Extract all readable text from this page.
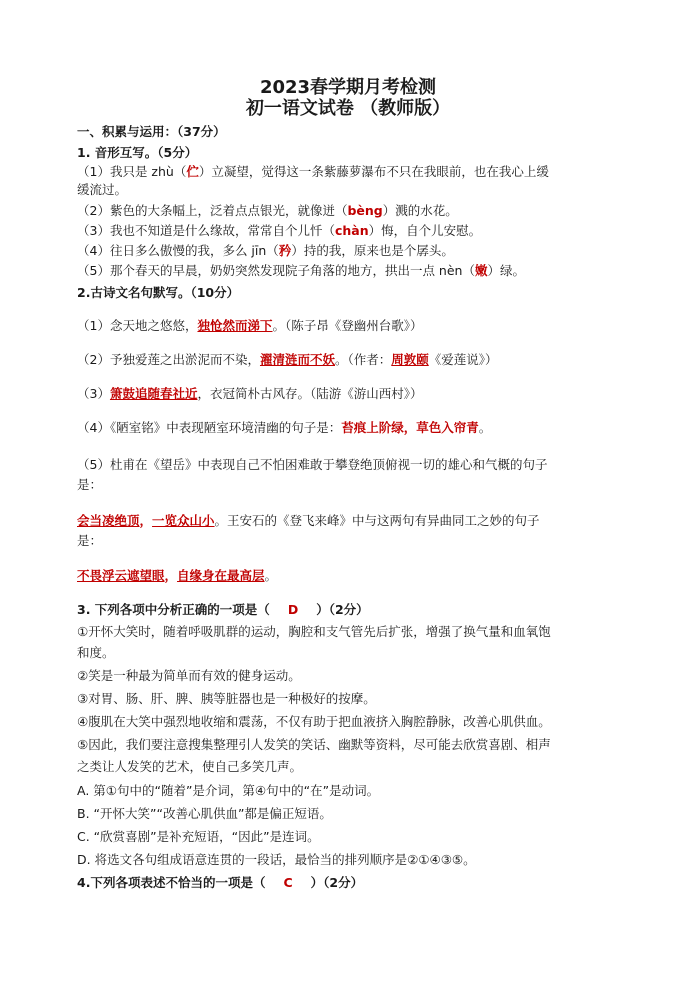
2023春学期月考检测
初一语文试卷 （教师版）
一、积累与运用：（37分）
1. 音形互写。（5分）
（1）我只是 zhù（伫）立凝望，觉得这一条紫藤萝瀑布不只在我眼前，也在我心上缓
缓流过。
（2）紫色的大条幅上，泛着点点银光，就像迸（bèng）溅的水花。
（3）我也不知道是什么缘故，常常自个儿忏（chàn）悔，自个儿安慰。
（4）往日多么傲慢的我，多么 jīn（矜）持的我，原来也是个孱头。
（5）那个春天的早晨，奶奶突然发现院子角落的地方，拱出一点 nèn（嫩）绿。
2.古诗文名句默写。（10分）
（1）念天地之悠悠，独怆然而涕下。（陈子昂《登幽州台歌》）
（2）予独爱莲之出淤泥而不染，濯清涟而不妖。（作者：周敦颐《爱莲说》）
（3）箫鼓追随春社近，衣冠简朴古风存。（陆游《游山西村》）
（4）《陋室铭》中表现陋室环境清幽的句子是：苔痕上阶绿，草色入帘青。
（5）杜甫在《望岳》中表现自己不怕困难敢于攀登绝顶俯视一切的雄心和气概的句子
是：
会当凌绝顶，一览众山小。王安石的《登飞来峰》中与这两句有异曲同工之妙的句子
是：
不畏浮云遮望眼，自缘身在最高层。
3. 下列各项中分析正确的一项是（ D ）（2分）
①开怀大笑时，随着呼吸肌群的运动，胸腔和支气管先后扩张，增强了换气量和血氧饱
和度。
②笑是一种最为简单而有效的健身运动。
③对胃、肠、肝、脾、胰等脏器也是一种极好的按摩。
④腹肌在大笑中强烈地收缩和震荡，不仅有助于把血液挤入胸腔静脉，改善心肌供血。
⑤因此，我们要注意搜集整理引人发笑的笑话、幽默等资料，尽可能去欣赏喜剧、相声
之类让人发笑的艺术，使自己多笑几声。
A. 第①句中的“随着”是介词，第④句中的“在”是动词。
B. “开怀大笑”“改善心肌供血”都是偏正短语。
C. “欣赏喜剧”是补充短语，“因此”是连词。
D. 将选文各句组成语意连贯的一段话，最恰当的排列顺序是②①④③⑤。
4.下列各项表述不恰当的一项是（ C ）（2分）
